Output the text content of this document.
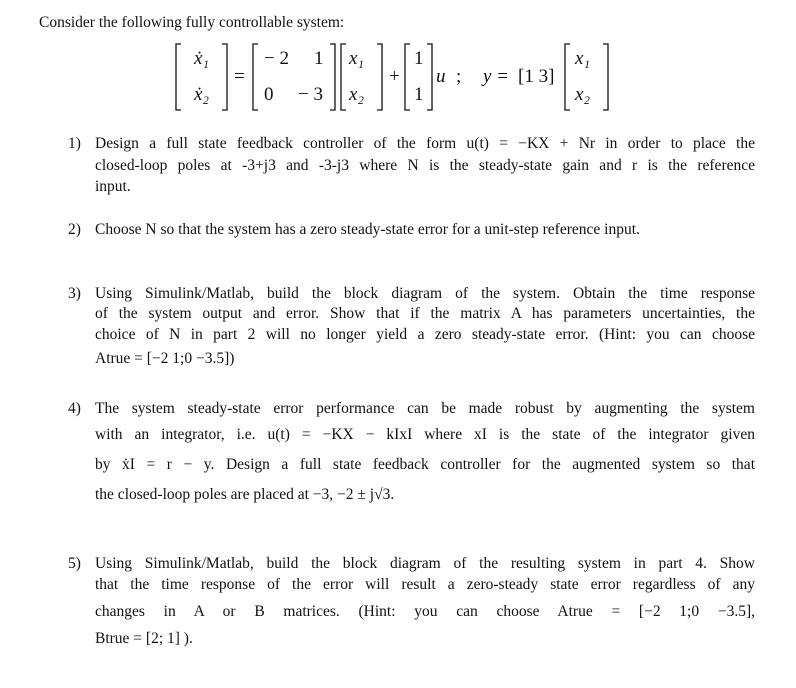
Consider the following fully controllable system:
ẋ₁
ẋ₂
=
− 2 1
0 − 3
x₁
x₂
+
1
1
u ; y = [1 3]
x₁
x₂
1) Design a full state feedback controller of the form u(t) = −KX + Nr in order to place the
closed-loop poles at -3+j3 and -3-j3 where N is the steady-state gain and r is the reference
input.
2) Choose N so that the system has a zero steady-state error for a unit-step reference input.
3) Using Simulink/Matlab, build the block diagram of the system. Obtain the time response
of the system output and error. Show that if the matrix A has parameters uncertainties, the
choice of N in part 2 will no longer yield a zero steady-state error. (Hint: you can choose
Atrue = [−2 1;0 −3.5])
4) The system steady-state error performance can be made robust by augmenting the system
with an integrator, i.e. u(t) = −KX − kIxI where xI is the state of the integrator given
by ẋI = r − y. Design a full state feedback controller for the augmented system so that
the closed-loop poles are placed at −3, −2 ± j√3.
5) Using Simulink/Matlab, build the block diagram of the resulting system in part 4. Show
that the time response of the error will result a zero-steady state error regardless of any
changes in A or B matrices. (Hint: you can choose Atrue = [−2 1;0 −3.5],
Btrue = [2; 1] ).
